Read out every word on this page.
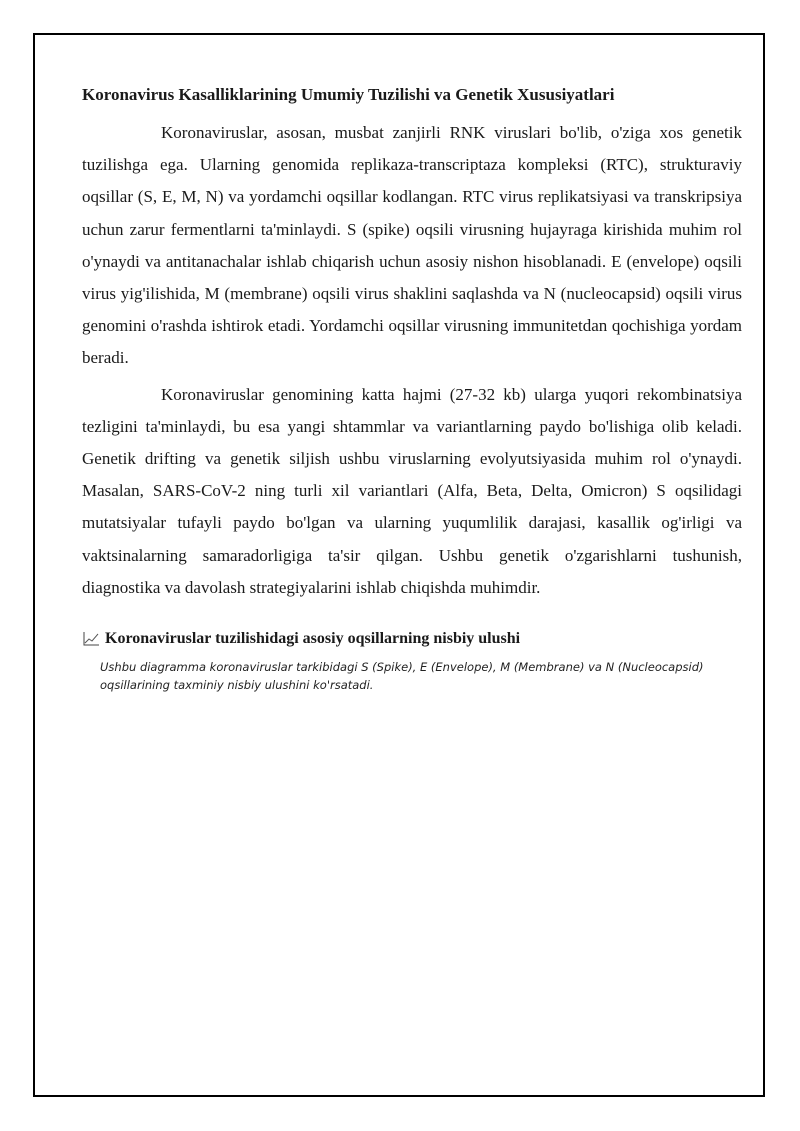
Koronavirus Kasalliklarining Umumiy Tuzilishi va Genetik Xususiyatlari

Koronaviruslar, asosan, musbat zanjirli RNK viruslari bo'lib, o'ziga xos genetik tuzilishga ega. Ularning genomida replikaza-transcriptaza kompleksi (RTC), strukturaviy oqsillar (S, E, M, N) va yordamchi oqsillar kodlangan. RTC virus replikatsiyasi va transkripsiya uchun zarur fermentlarni ta'minlaydi. S (spike) oqsili virusning hujayraga kirishida muhim rol o'ynaydi va antitanachalar ishlab chiqarish uchun asosiy nishon hisoblanadi. E (envelope) oqsili virus yig'ilishida, M (membrane) oqsili virus shaklini saqlashda va N (nucleocapsid) oqsili virus genomini o'rashda ishtirok etadi. Yordamchi oqsillar virusning immunitetdan qochishiga yordam beradi.

Koronaviruslar genomining katta hajmi (27-32 kb) ularga yuqori rekombinatsiya tezligini ta'minlaydi, bu esa yangi shtammlar va variantlarning paydo bo'lishiga olib keladi. Genetik drifting va genetik siljish ushbu viruslarning evolyutsiyasida muhim rol o'ynaydi. Masalan, SARS-CoV-2 ning turli xil variantlari (Alfa, Beta, Delta, Omicron) S oqsilidagi mutatsiyalar tufayli paydo bo'lgan va ularning yuqumlilik darajasi, kasallik og'irligi va vaktsinalarning samaradorligiga ta'sir qilgan. Ushbu genetik o'zgarishlarni tushunish, diagnostika va davolash strategiyalarini ishlab chiqishda muhimdir.

Koronaviruslar tuzilishidagi asosiy oqsillarning nisbiy ulushi
Ushbu diagramma koronaviruslar tarkibidagi S (Spike), E (Envelope), M (Membrane) va N (Nucleocapsid) oqsillarining taxminiy nisbiy ulushini ko'rsatadi.
